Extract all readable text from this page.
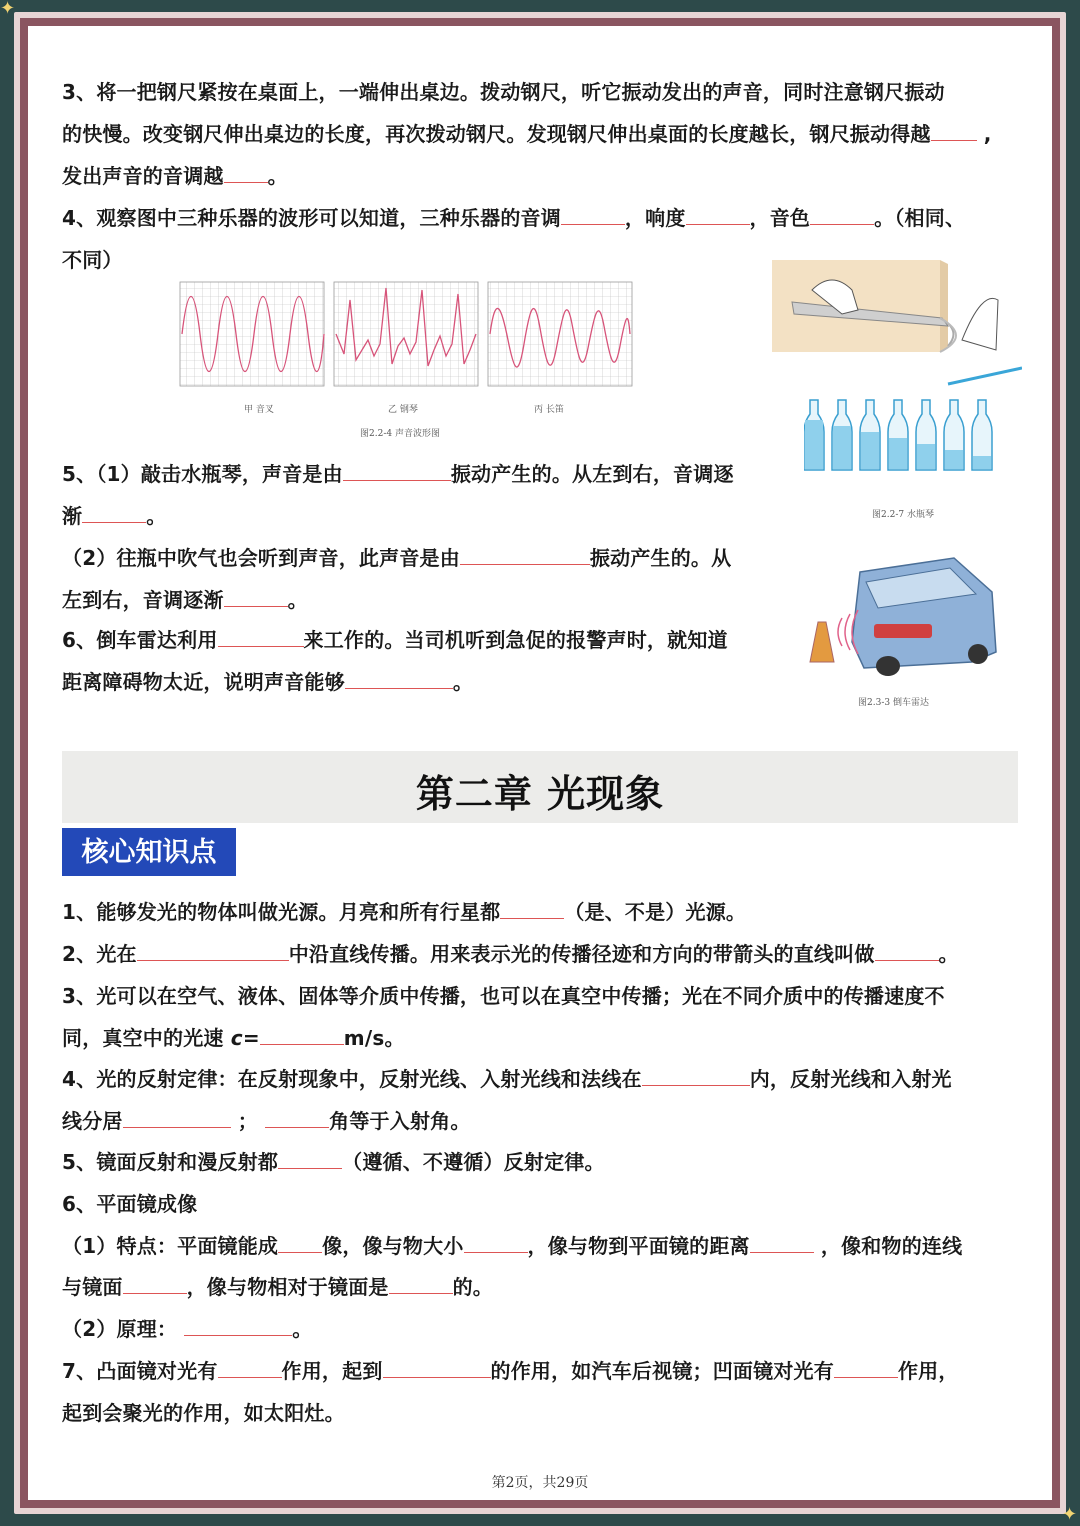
✦
✦
3、将一把钢尺紧按在桌面上，一端伸出桌边。拨动钢尺，听它振动发出的声音，同时注意钢尺振动
的快慢。改变钢尺伸出桌边的长度，再次拨动钢尺。发现钢尺伸出桌面的长度越长，钢尺振动得越 ,
发出声音的音调越 。
4、观察图中三种乐器的波形可以知道，三种乐器的音调	，响度	，音色	。（相同、
不同）
甲 音叉	乙 钢琴	丙 长笛
图2.2-4 声音波形图
图2.2-7 水瓶琴
5、（1）敲击水瓶琴，声音是由	振动产生的。从左到右，音调逐
渐	。
（2）往瓶中吹气也会听到声音，此声音是由	振动产生的。从
左到右，音调逐渐	。
图2.3-3 倒车雷达
6、倒车雷达利用	来工作的。当司机听到急促的报警声时，就知道
距离障碍物太近，说明声音能够	。
第二章 光现象
核心知识点
1、能够发光的物体叫做光源。月亮和所有行星都	（是、不是）光源。
2、光在	中沿直线传播。用来表示光的传播径迹和方向的带箭头的直线叫做	。
3、光可以在空气、液体、固体等介质中传播，也可以在真空中传播；光在不同介质中的传播速度不
同，真空中的光速 c=	m/s。
4、光的反射定律：在反射现象中，反射光线、入射光线和法线在	内，反射光线和入射光
线分居	；	角等于入射角。
5、镜面反射和漫反射都	（遵循、不遵循）反射定律。
6、平面镜成像
（1）特点：平面镜能成 像，像与物大小	，像与物到平面镜的距离	，像和物的连线
与镜面	，像与物相对于镜面是	的。
（2）原理：	。
7、凸面镜对光有	作用，起到	的作用，如汽车后视镜；凹面镜对光有	作用，
起到会聚光的作用，如太阳灶。
第2页，共29页
